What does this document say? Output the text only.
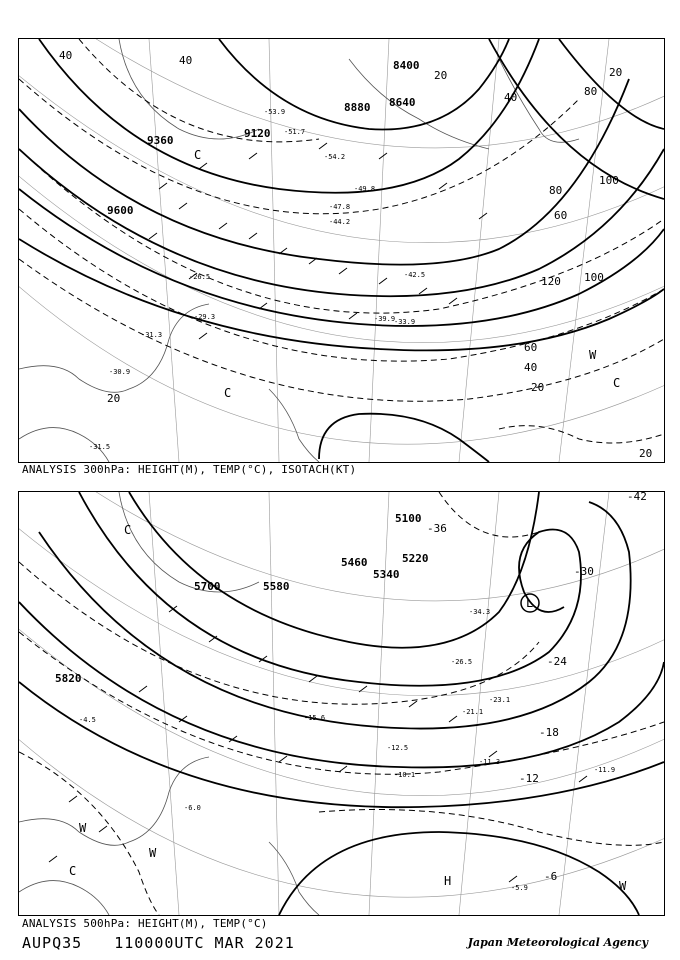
8400
8880 8640
9120
9360
9600
40	40
20
40	80
100
80
60
120 100
60
40
20
20
20
20
-53.9
-51.7
-54.2
-49.8
-47.8
-44.2
-42.5
-39.9
-33.9
-31.3
-29.3
-26.5
-30.9
-31.5
C
C
W
C
ANALYSIS 300hPa: HEIGHT(M), TEMP(°C), ISOTACH(KT)
5100
5220
5340
5460
5580
5700
5820
-42
-36
-30
-24
-18
-12
-6
-34.3
-26.5
-21.1
-23.1
-11.3
-11.9
-15.6
-12.5
-10.1
-5.9
-4.5
-6.0
C
L
W
W
C
H	W
ANALYSIS 500hPa: HEIGHT(M), TEMP(°C)
AUPQ35 110000UTC MAR 2021	Japan Meteorological Agency
